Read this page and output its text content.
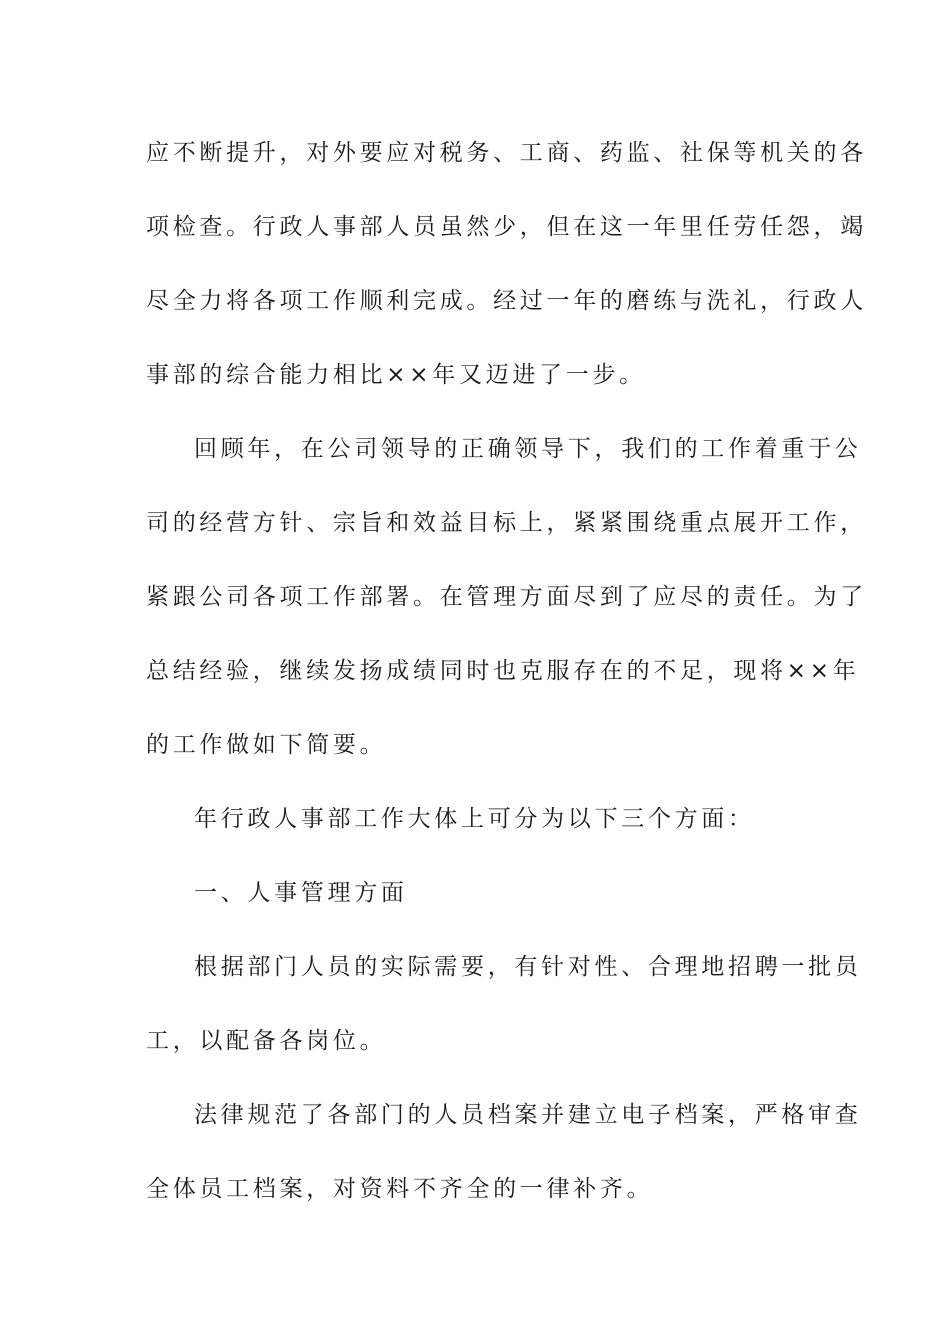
应不断提升，对外要应对税务、工商、药监、社保等机关的各
项检查。行政人事部人员虽然少，但在这一年里任劳任怨，竭
尽全力将各项工作顺利完成。经过一年的磨练与洗礼，行政人
事部的综合能力相比××年又迈进了一步。
回顾年，在公司领导的正确领导下，我们的工作着重于公
司的经营方针、宗旨和效益目标上，紧紧围绕重点展开工作，
紧跟公司各项工作部署。在管理方面尽到了应尽的责任。为了
总结经验，继续发扬成绩同时也克服存在的不足，现将××年
的工作做如下简要。
年行政人事部工作大体上可分为以下三个方面：
一、人事管理方面
根据部门人员的实际需要，有针对性、合理地招聘一批员
工，以配备各岗位。
法律规范了各部门的人员档案并建立电子档案，严格审查
全体员工档案，对资料不齐全的一律补齐。
